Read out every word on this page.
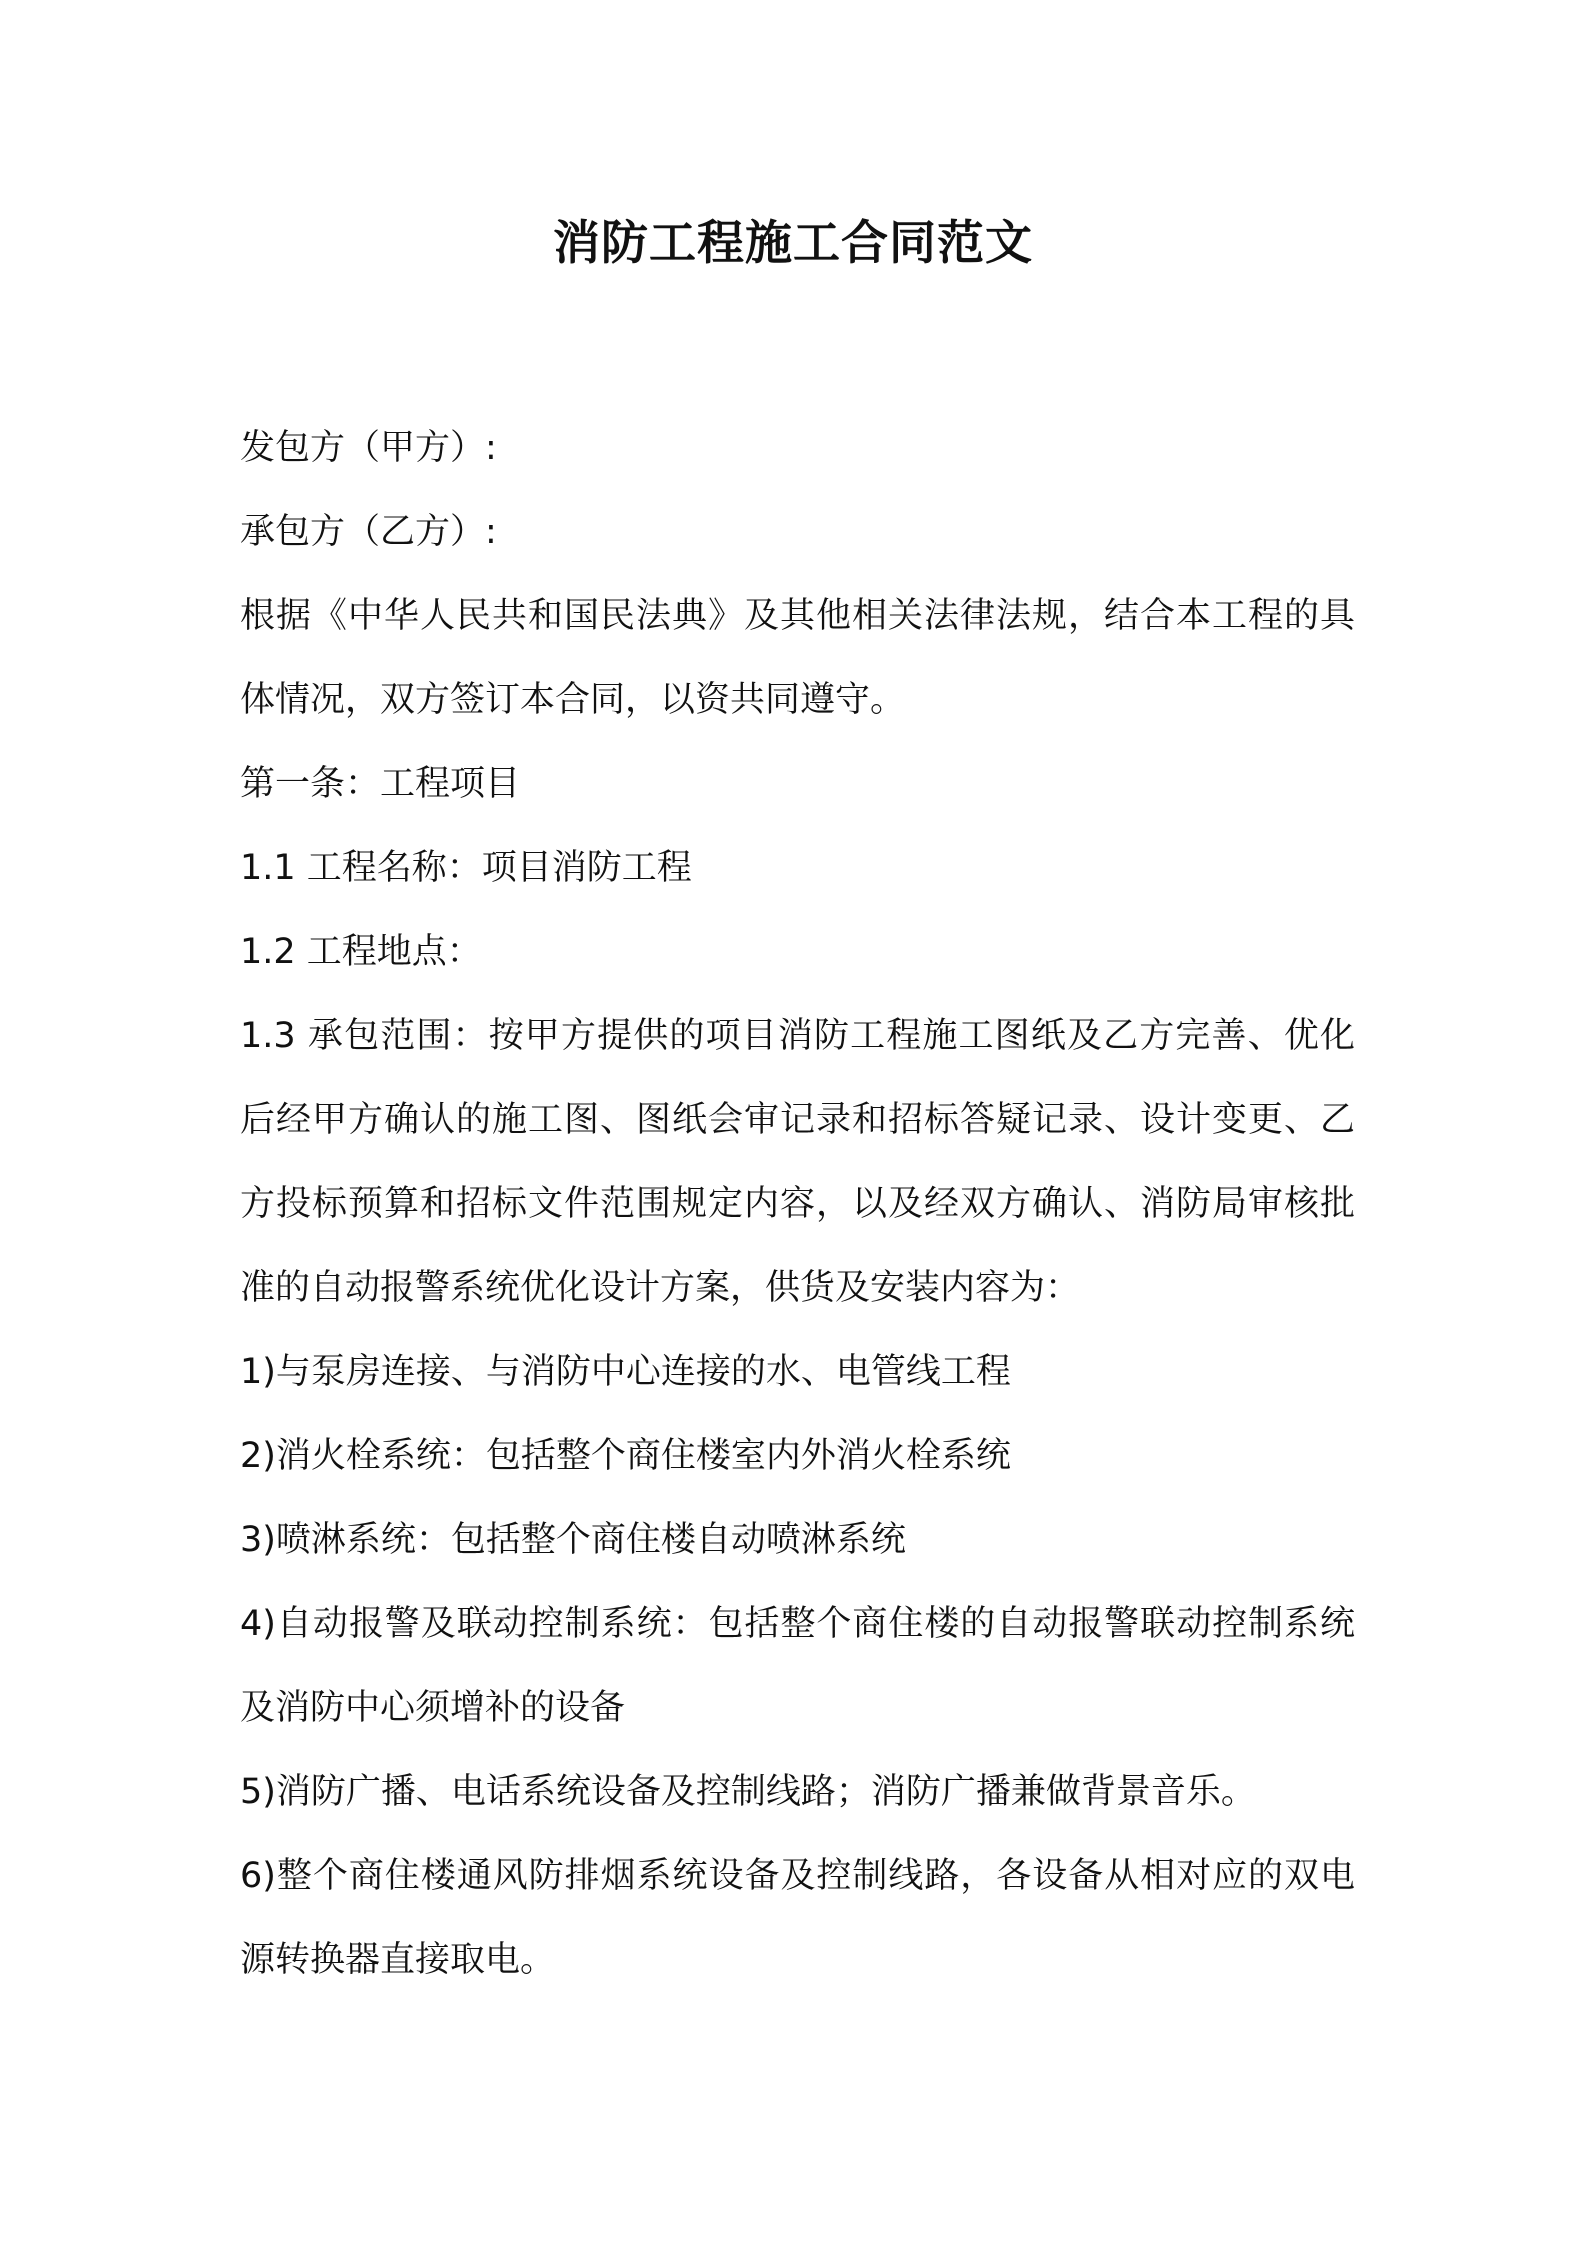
消防工程施工合同范文

发包方（甲方）:

承包方（乙方）:

根据《中华人民共和国民法典》及其他相关法律法规，结合本工程的具体情况，双方签订本合同，以资共同遵守。

第一条：工程项目

1.1 工程名称：项目消防工程

1.2 工程地点：

1.3 承包范围：按甲方提供的项目消防工程施工图纸及乙方完善、优化后经甲方确认的施工图、图纸会审记录和招标答疑记录、设计变更、乙方投标预算和招标文件范围规定内容，以及经双方确认、消防局审核批准的自动报警系统优化设计方案，供货及安装内容为：

1)与泵房连接、与消防中心连接的水、电管线工程

2)消火栓系统：包括整个商住楼室内外消火栓系统

3)喷淋系统：包括整个商住楼自动喷淋系统

4)自动报警及联动控制系统：包括整个商住楼的自动报警联动控制系统及消防中心须增补的设备

5)消防广播、电话系统设备及控制线路；消防广播兼做背景音乐。

6)整个商住楼通风防排烟系统设备及控制线路，各设备从相对应的双电源转换器直接取电。
